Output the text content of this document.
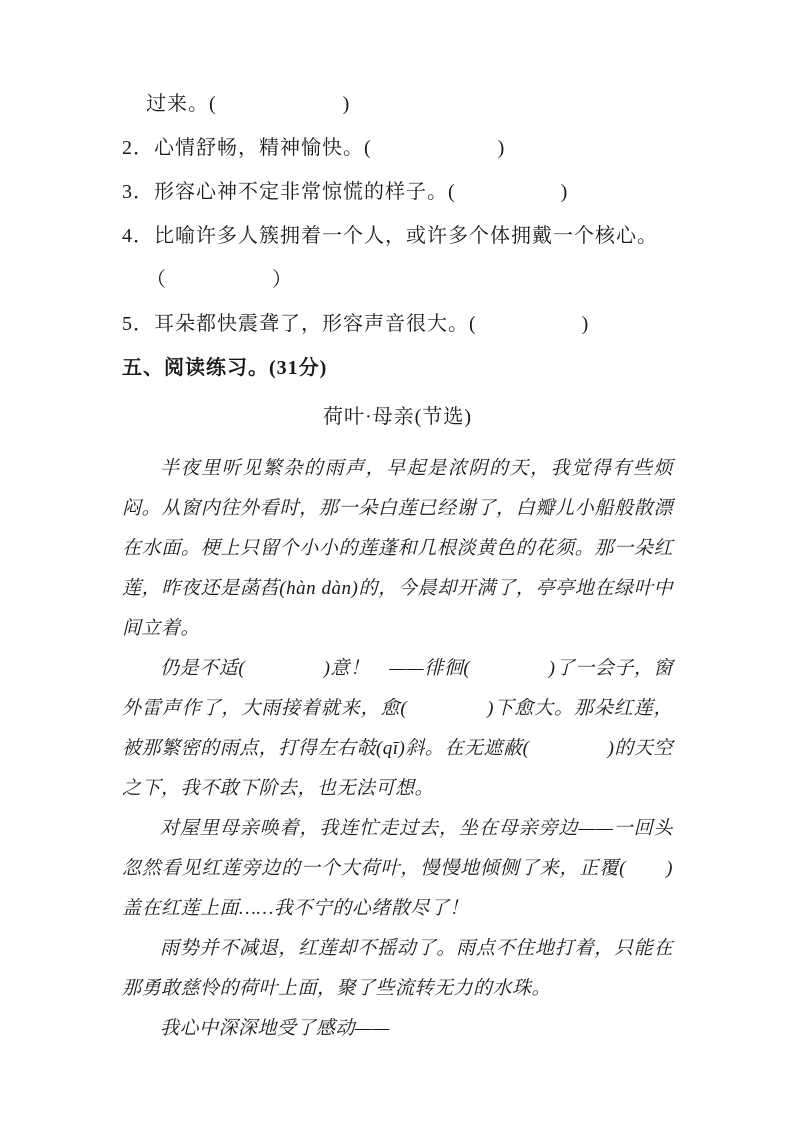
过来。(　　　　　　)
2．心情舒畅，精神愉快。(　　　　　　)
3．形容心神不定非常惊慌的样子。(　　　　　)
4．比喻许多人簇拥着一个人，或许多个体拥戴一个核心。
（　　　　　）
5．耳朵都快震聋了，形容声音很大。(　　　　　)
五、阅读练习。(31分)
荷叶·母亲(节选)

半夜里听见繁杂的雨声，早起是浓阴的天，我觉得有些烦闷。从窗内往外看时，那一朵白莲已经谢了，白瓣儿小船般散漂在水面。梗上只留个小小的莲蓬和几根淡黄色的花须。那一朵红莲，昨夜还是菡萏(hàn dàn)的，今晨却开满了，亭亭地在绿叶中间立着。

仍是不适(　　　　)意！　——徘徊(　　　　)了一会子，窗外雷声作了，大雨接着就来，愈(　　　　)下愈大。那朵红莲，被那繁密的雨点，打得左右攲(qī)斜。在无遮蔽(　　　　)的天空之下，我不敢下阶去，也无法可想。

对屋里母亲唤着，我连忙走过去，坐在母亲旁边——一回头忽然看见红莲旁边的一个大荷叶，慢慢地倾侧了来，正覆(　　)盖在红莲上面……我不宁的心绪散尽了！

雨势并不减退，红莲却不摇动了。雨点不住地打着，只能在那勇敢慈怜的荷叶上面，聚了些流转无力的水珠。

我心中深深地受了感动——
